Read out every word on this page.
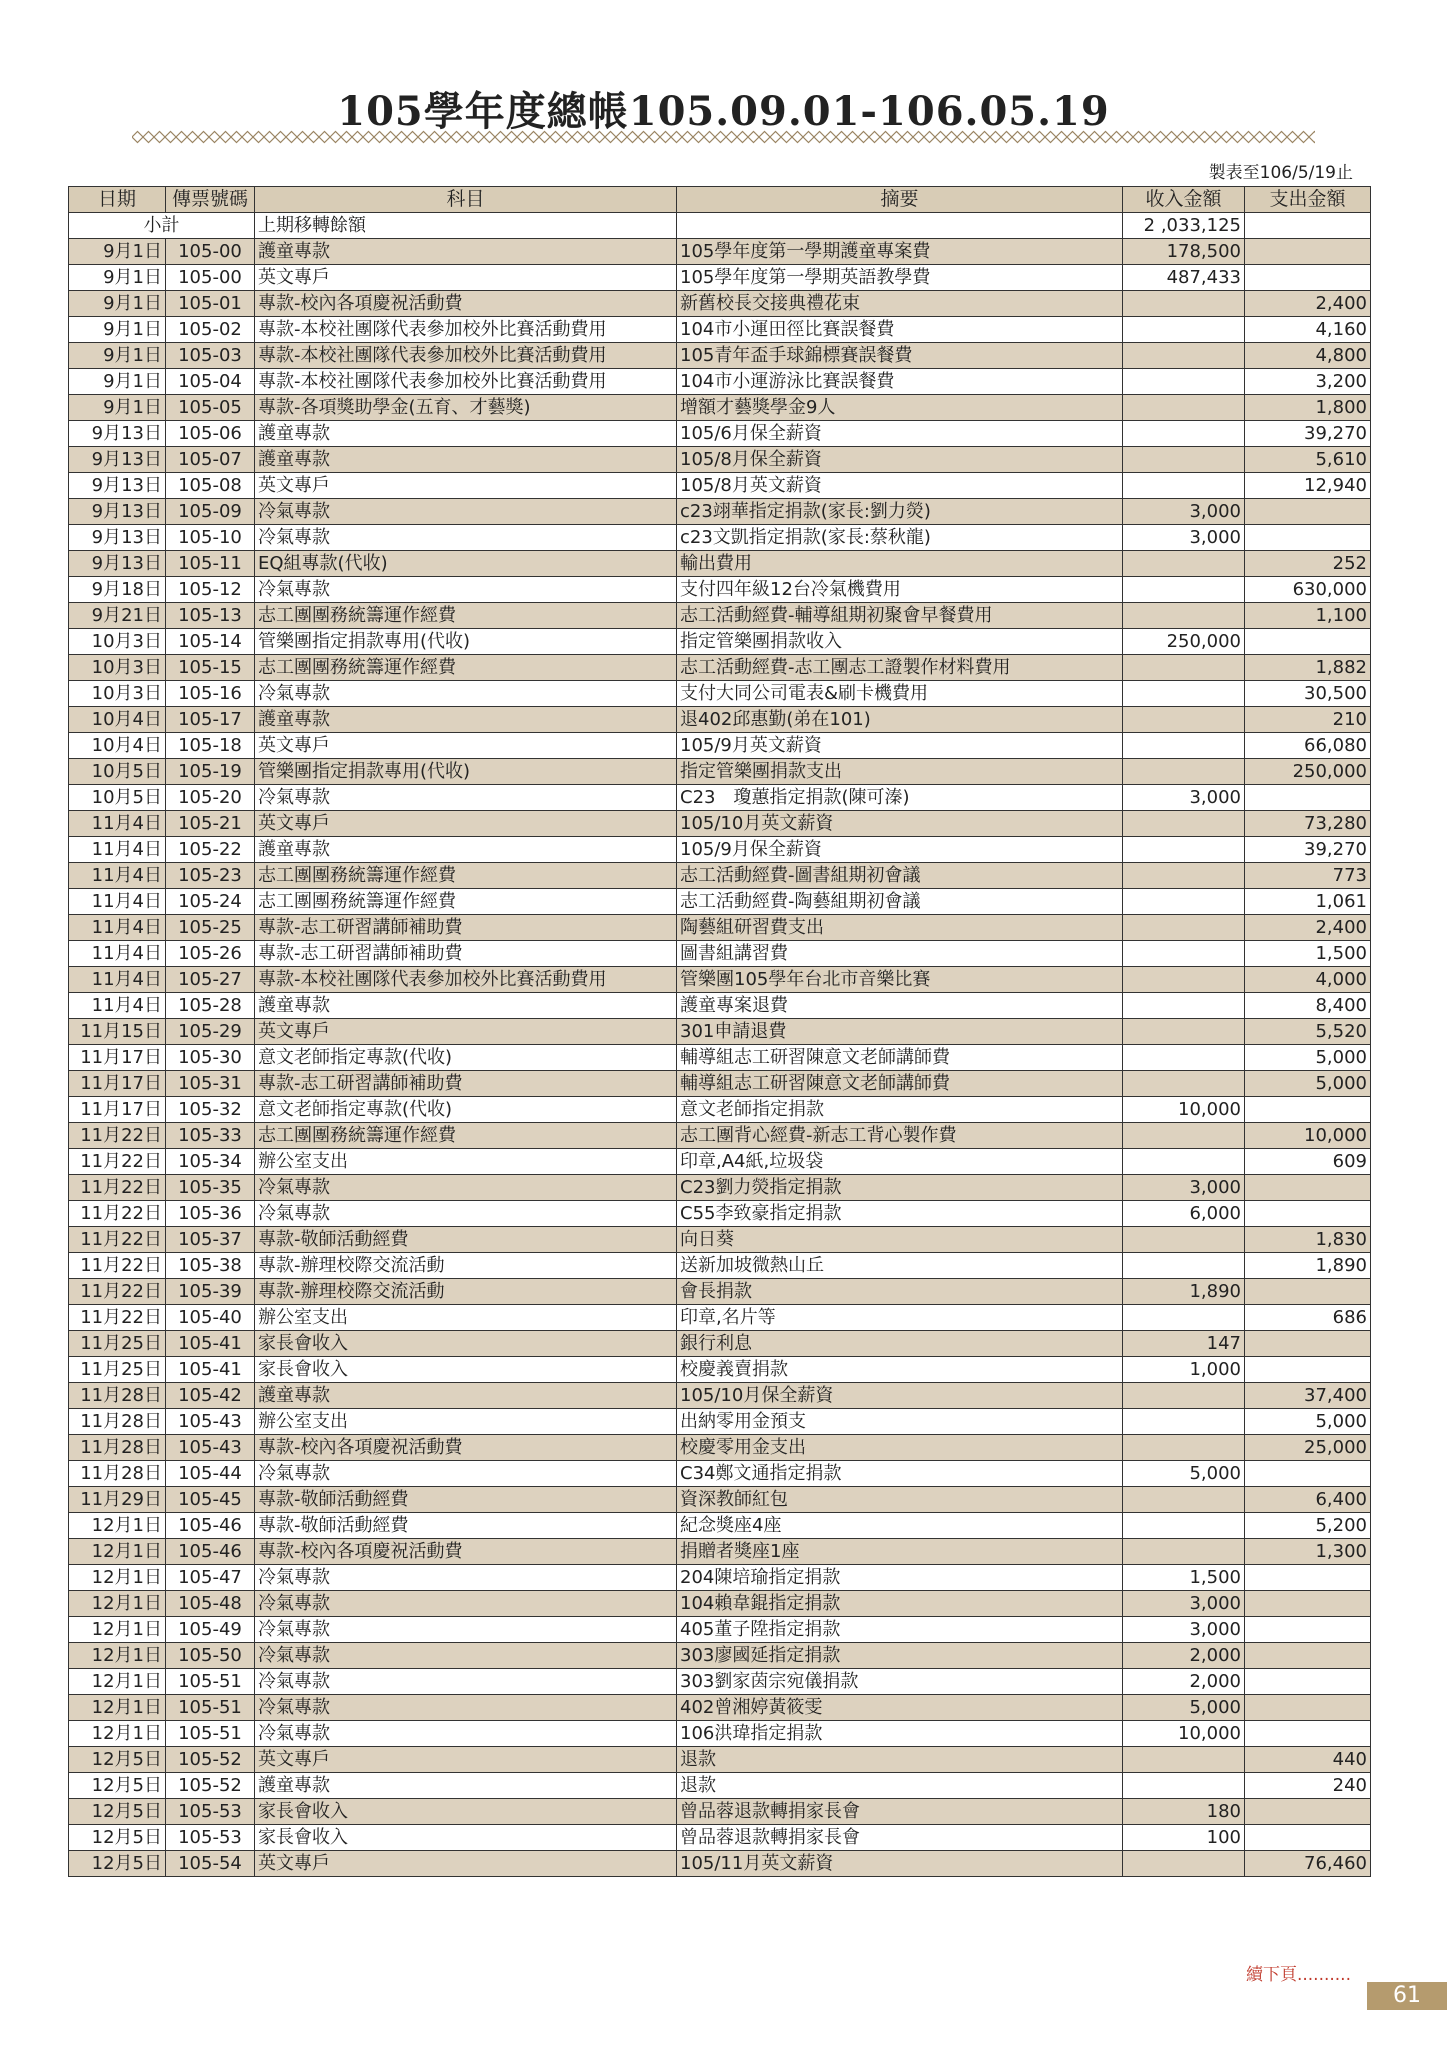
105學年度總帳105.09.01-106.05.19
製表至106/5/19止
日期	傳票號碼	科目	摘要	收入金額	支出金額
小計		上期移轉餘額		2 ,033,125	
9月1日	105-00	護童專款	105學年度第一學期護童專案費	178,500	
9月1日	105-00	英文專戶	105學年度第一學期英語教學費	487,433	
9月1日	105-01	專款-校內各項慶祝活動費	新舊校長交接典禮花束		2,400
9月1日	105-02	專款-本校社團隊代表參加校外比賽活動費用	104市小運田徑比賽誤餐費		4,160
9月1日	105-03	專款-本校社團隊代表參加校外比賽活動費用	105青年盃手球錦標賽誤餐費		4,800
9月1日	105-04	專款-本校社團隊代表參加校外比賽活動費用	104市小運游泳比賽誤餐費		3,200
9月1日	105-05	專款-各項獎助學金(五育、才藝獎)	增額才藝獎學金9人		1,800
9月13日	105-06	護童專款	105/6月保全薪資		39,270
9月13日	105-07	護童專款	105/8月保全薪資		5,610
9月13日	105-08	英文專戶	105/8月英文薪資		12,940
9月13日	105-09	冷氣專款	c23翊華指定捐款(家長:劉力熒)	3,000	
9月13日	105-10	冷氣專款	c23文凱指定捐款(家長:蔡秋龍)	3,000	
9月13日	105-11	EQ組專款(代收)	輸出費用		252
9月18日	105-12	冷氣專款	支付四年級12台冷氣機費用		630,000
9月21日	105-13	志工團團務統籌運作經費	志工活動經費-輔導組期初聚會早餐費用		1,100
10月3日	105-14	管樂團指定捐款專用(代收)	指定管樂團捐款收入	250,000	
10月3日	105-15	志工團團務統籌運作經費	志工活動經費-志工團志工證製作材料費用		1,882
10月3日	105-16	冷氣專款	支付大同公司電表&刷卡機費用		30,500
10月4日	105-17	護童專款	退402邱惠勤(弟在101)		210
10月4日	105-18	英文專戶	105/9月英文薪資		66,080
10月5日	105-19	管樂團指定捐款專用(代收)	指定管樂團捐款支出		250,000
10月5日	105-20	冷氣專款	C23　瓊蕙指定捐款(陳可溱)	3,000	
11月4日	105-21	英文專戶	105/10月英文薪資		73,280
11月4日	105-22	護童專款	105/9月保全薪資		39,270
11月4日	105-23	志工團團務統籌運作經費	志工活動經費-圖書組期初會議		773
11月4日	105-24	志工團團務統籌運作經費	志工活動經費-陶藝組期初會議		1,061
11月4日	105-25	專款-志工研習講師補助費	陶藝組研習費支出		2,400
11月4日	105-26	專款-志工研習講師補助費	圖書組講習費		1,500
11月4日	105-27	專款-本校社團隊代表參加校外比賽活動費用	管樂團105學年台北市音樂比賽		4,000
11月4日	105-28	護童專款	護童專案退費		8,400
11月15日	105-29	英文專戶	301申請退費		5,520
11月17日	105-30	意文老師指定專款(代收)	輔導組志工研習陳意文老師講師費		5,000
11月17日	105-31	專款-志工研習講師補助費	輔導組志工研習陳意文老師講師費		5,000
11月17日	105-32	意文老師指定專款(代收)	意文老師指定捐款	10,000	
11月22日	105-33	志工團團務統籌運作經費	志工團背心經費-新志工背心製作費		10,000
11月22日	105-34	辦公室支出	印章,A4紙,垃圾袋		609
11月22日	105-35	冷氣專款	C23劉力熒指定捐款	3,000	
11月22日	105-36	冷氣專款	C55李致豪指定捐款	6,000	
11月22日	105-37	專款-敬師活動經費	向日葵		1,830
11月22日	105-38	專款-辦理校際交流活動	送新加坡微熱山丘		1,890
11月22日	105-39	專款-辦理校際交流活動	會長捐款	1,890	
11月22日	105-40	辦公室支出	印章,名片等		686
11月25日	105-41	家長會收入	銀行利息	147	
11月25日	105-41	家長會收入	校慶義賣捐款	1,000	
11月28日	105-42	護童專款	105/10月保全薪資		37,400
11月28日	105-43	辦公室支出	出納零用金預支		5,000
11月28日	105-43	專款-校內各項慶祝活動費	校慶零用金支出		25,000
11月28日	105-44	冷氣專款	C34鄭文通指定捐款	5,000	
11月29日	105-45	專款-敬師活動經費	資深教師紅包		6,400
12月1日	105-46	專款-敬師活動經費	紀念獎座4座		5,200
12月1日	105-46	專款-校內各項慶祝活動費	捐贈者獎座1座		1,300
12月1日	105-47	冷氣專款	204陳培瑜指定捐款	1,500	
12月1日	105-48	冷氣專款	104賴韋錕指定捐款	3,000	
12月1日	105-49	冷氣專款	405董子陞指定捐款	3,000	
12月1日	105-50	冷氣專款	303廖國延指定捐款	2,000	
12月1日	105-51	冷氣專款	303劉家茵宗宛儀捐款	2,000	
12月1日	105-51	冷氣專款	402曾湘婷黃筱雯	5,000	
12月1日	105-51	冷氣專款	106洪瑋指定捐款	10,000	
12月5日	105-52	英文專戶	退款		440
12月5日	105-52	護童專款	退款		240
12月5日	105-53	家長會收入	曾品蓉退款轉捐家長會	180	
12月5日	105-53	家長會收入	曾品蓉退款轉捐家長會	100	
12月5日	105-54	英文專戶	105/11月英文薪資		76,460
續下頁..........
61
